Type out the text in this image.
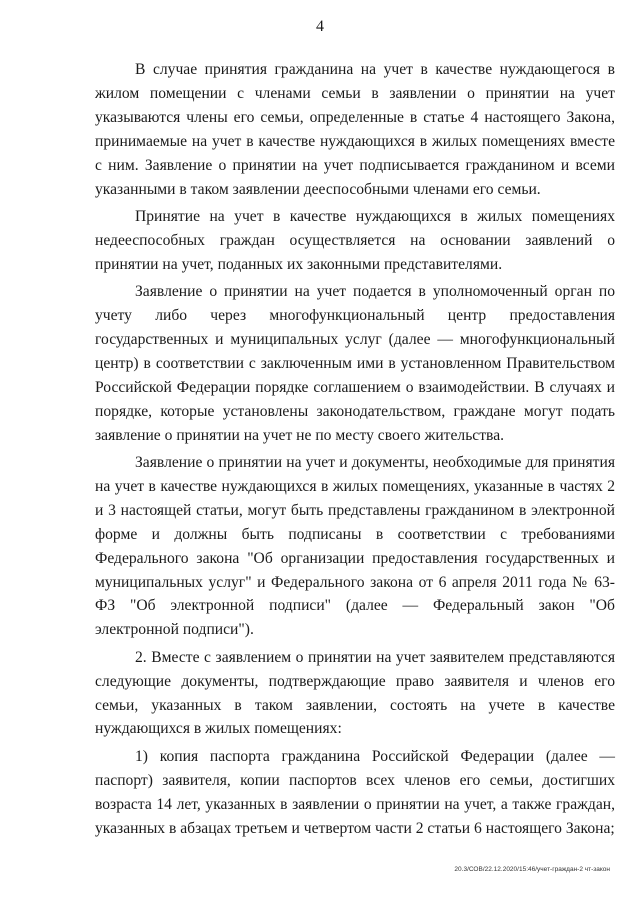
4

В случае принятия гражданина на учет в качестве нуждающегося в жилом помещении с членами семьи в заявлении о принятии на учет указываются члены его семьи, определенные в статье 4 настоящего Закона, принимаемые на учет в качестве нуждающихся в жилых помещениях вместе с ним. Заявление о принятии на учет подписывается гражданином и всеми указанными в таком заявлении дееспособными членами его семьи.

Принятие на учет в качестве нуждающихся в жилых помещениях недееспособных граждан осуществляется на основании заявлений о принятии на учет, поданных их законными представителями.

Заявление о принятии на учет подается в уполномоченный орган по учету либо через многофункциональный центр предоставления государственных и муниципальных услуг (далее — многофункциональный центр) в соответствии с заключенным ими в установленном Правительством Российской Федерации порядке соглашением о взаимодействии. В случаях и порядке, которые установлены законодательством, граждане могут подать заявление о принятии на учет не по месту своего жительства.

Заявление о принятии на учет и документы, необходимые для принятия на учет в качестве нуждающихся в жилых помещениях, указанные в частях 2 и 3 настоящей статьи, могут быть представлены гражданином в электронной форме и должны быть подписаны в соответствии с требованиями Федерального закона "Об организации предоставления государственных и муниципальных услуг" и Федерального закона от 6 апреля 2011 года № 63-ФЗ "Об электронной подписи" (далее — Федеральный закон "Об электронной подписи").

2. Вместе с заявлением о принятии на учет заявителем представляются следующие документы, подтверждающие право заявителя и членов его семьи, указанных в таком заявлении, состоять на учете в качестве нуждающихся в жилых помещениях:

1) копия паспорта гражданина Российской Федерации (далее — паспорт) заявителя, копии паспортов всех членов его семьи, достигших возраста 14 лет, указанных в заявлении о принятии на учет, а также граждан, указанных в абзацах третьем и четвертом части 2 статьи 6 настоящего Закона;

20.3/СОВ/22.12.2020/15:46/учет-граждан-2 чт-закон
